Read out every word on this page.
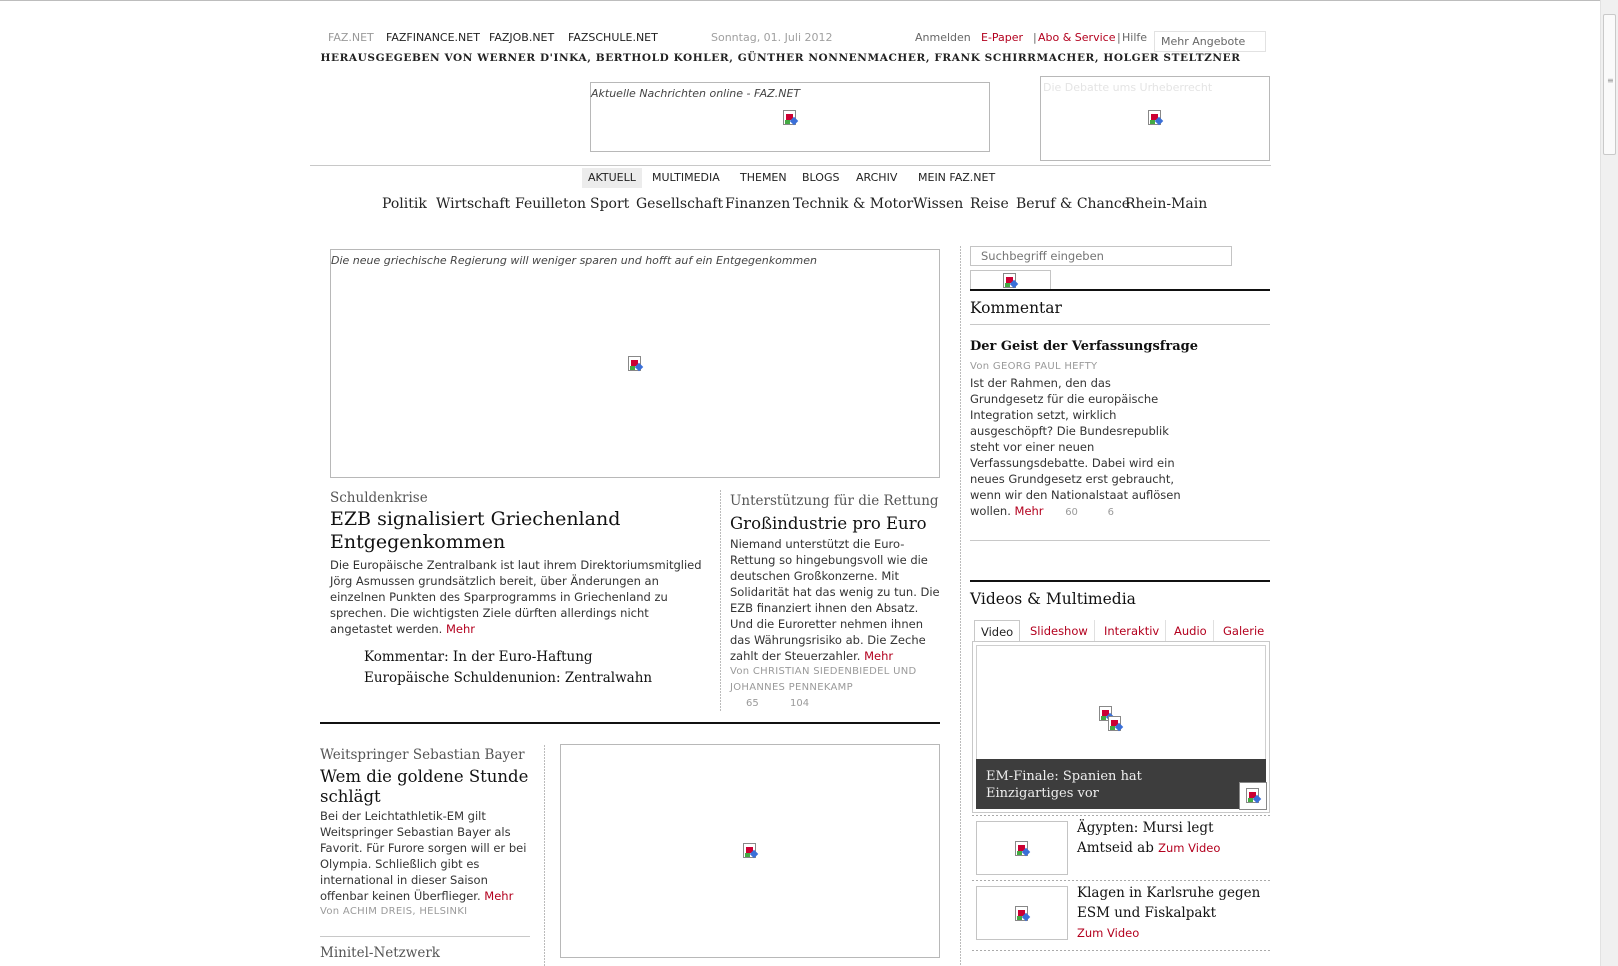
FAZ.NET FAZFINANCE.NET FAZJOB.NET FAZSCHULE.NET	Sonntag, 01. Juli 2012	Anmelden E-Paper | Abo & Service | Hilfe	Mehr Angebote
HERAUSGEGEBEN VON WERNER D'INKA, BERTHOLD KOHLER, GÜNTHER NONNENMACHER, FRANK SCHIRRMACHER, HOLGER STELTZNER
Aktuelle Nachrichten online - FAZ.NET	Die Debatte ums Urheberrecht
AKTUELL	MULTIMEDIA	THEMEN	BLOGS	ARCHIV	MEIN FAZ.NET
Politik Wirtschaft Feuilleton Sport Gesellschaft Finanzen Technik & Motor Wissen Reise Beruf & Chance
Rhein-Main
Die neue griechische Regierung will weniger sparen und hofft auf ein Entgegenkommen
Schuldenkrise
EZB signalisiert Griechenland
Entgegenkommen
Die Europäische Zentralbank ist laut ihrem Direktoriumsmitglied Jörg Asmussen grundsätzlich bereit, über Änderungen an einzelnen Punkten des Sparprogramms in Griechenland zu sprechen. Die wichtigsten Ziele dürften allerdings nicht angetastet werden. Mehr
Kommentar: In der Euro-Haftung
Europäische Schuldenunion: Zentralwahn
Unterstützung für die Rettung
Großindustrie pro Euro
Niemand unterstützt die Euro-Rettung so hingebungsvoll wie die deutschen Großkonzerne. Mit Solidarität hat das wenig zu tun. Die EZB finanziert ihnen den Absatz. Und die Euroretter nehmen ihnen das Währungsrisiko ab. Die Zeche zahlt der Steuerzahler. Mehr
Von CHRISTIAN SIEDENBIEDEL UND JOHANNES PENNEKAMP
65	104
Weitspringer Sebastian Bayer
Wem die goldene Stunde
schlägt
Bei der Leichtathletik-EM gilt Weitspringer Sebastian Bayer als Favorit. Für Furore sorgen will er bei Olympia. Schließlich gibt es international in dieser Saison offenbar keinen Überflieger. Mehr
Von ACHIM DREIS, HELSINKI
Minitel-Netzwerk
Suchbegriff eingeben
Kommentar
Der Geist der Verfassungsfrage
Von GEORG PAUL HEFTY
Ist der Rahmen, den das Grundgesetz für die europäische Integration setzt, wirklich ausgeschöpft? Die Bundesrepublik steht vor einer neuen Verfassungsdebatte. Dabei wird ein neues Grundgesetz erst gebraucht, wenn wir den Nationalstaat auflösen wollen. Mehr 60	6
Videos & Multimedia
Video	Slideshow	Interaktiv	Audio	Galerie
EM-Finale: Spanien hat Einzigartiges vor
Ägypten: Mursi legt Amtseid ab Zum Video
Klagen in Karlsruhe gegen ESM und Fiskalpakt
Zum Video
≡
